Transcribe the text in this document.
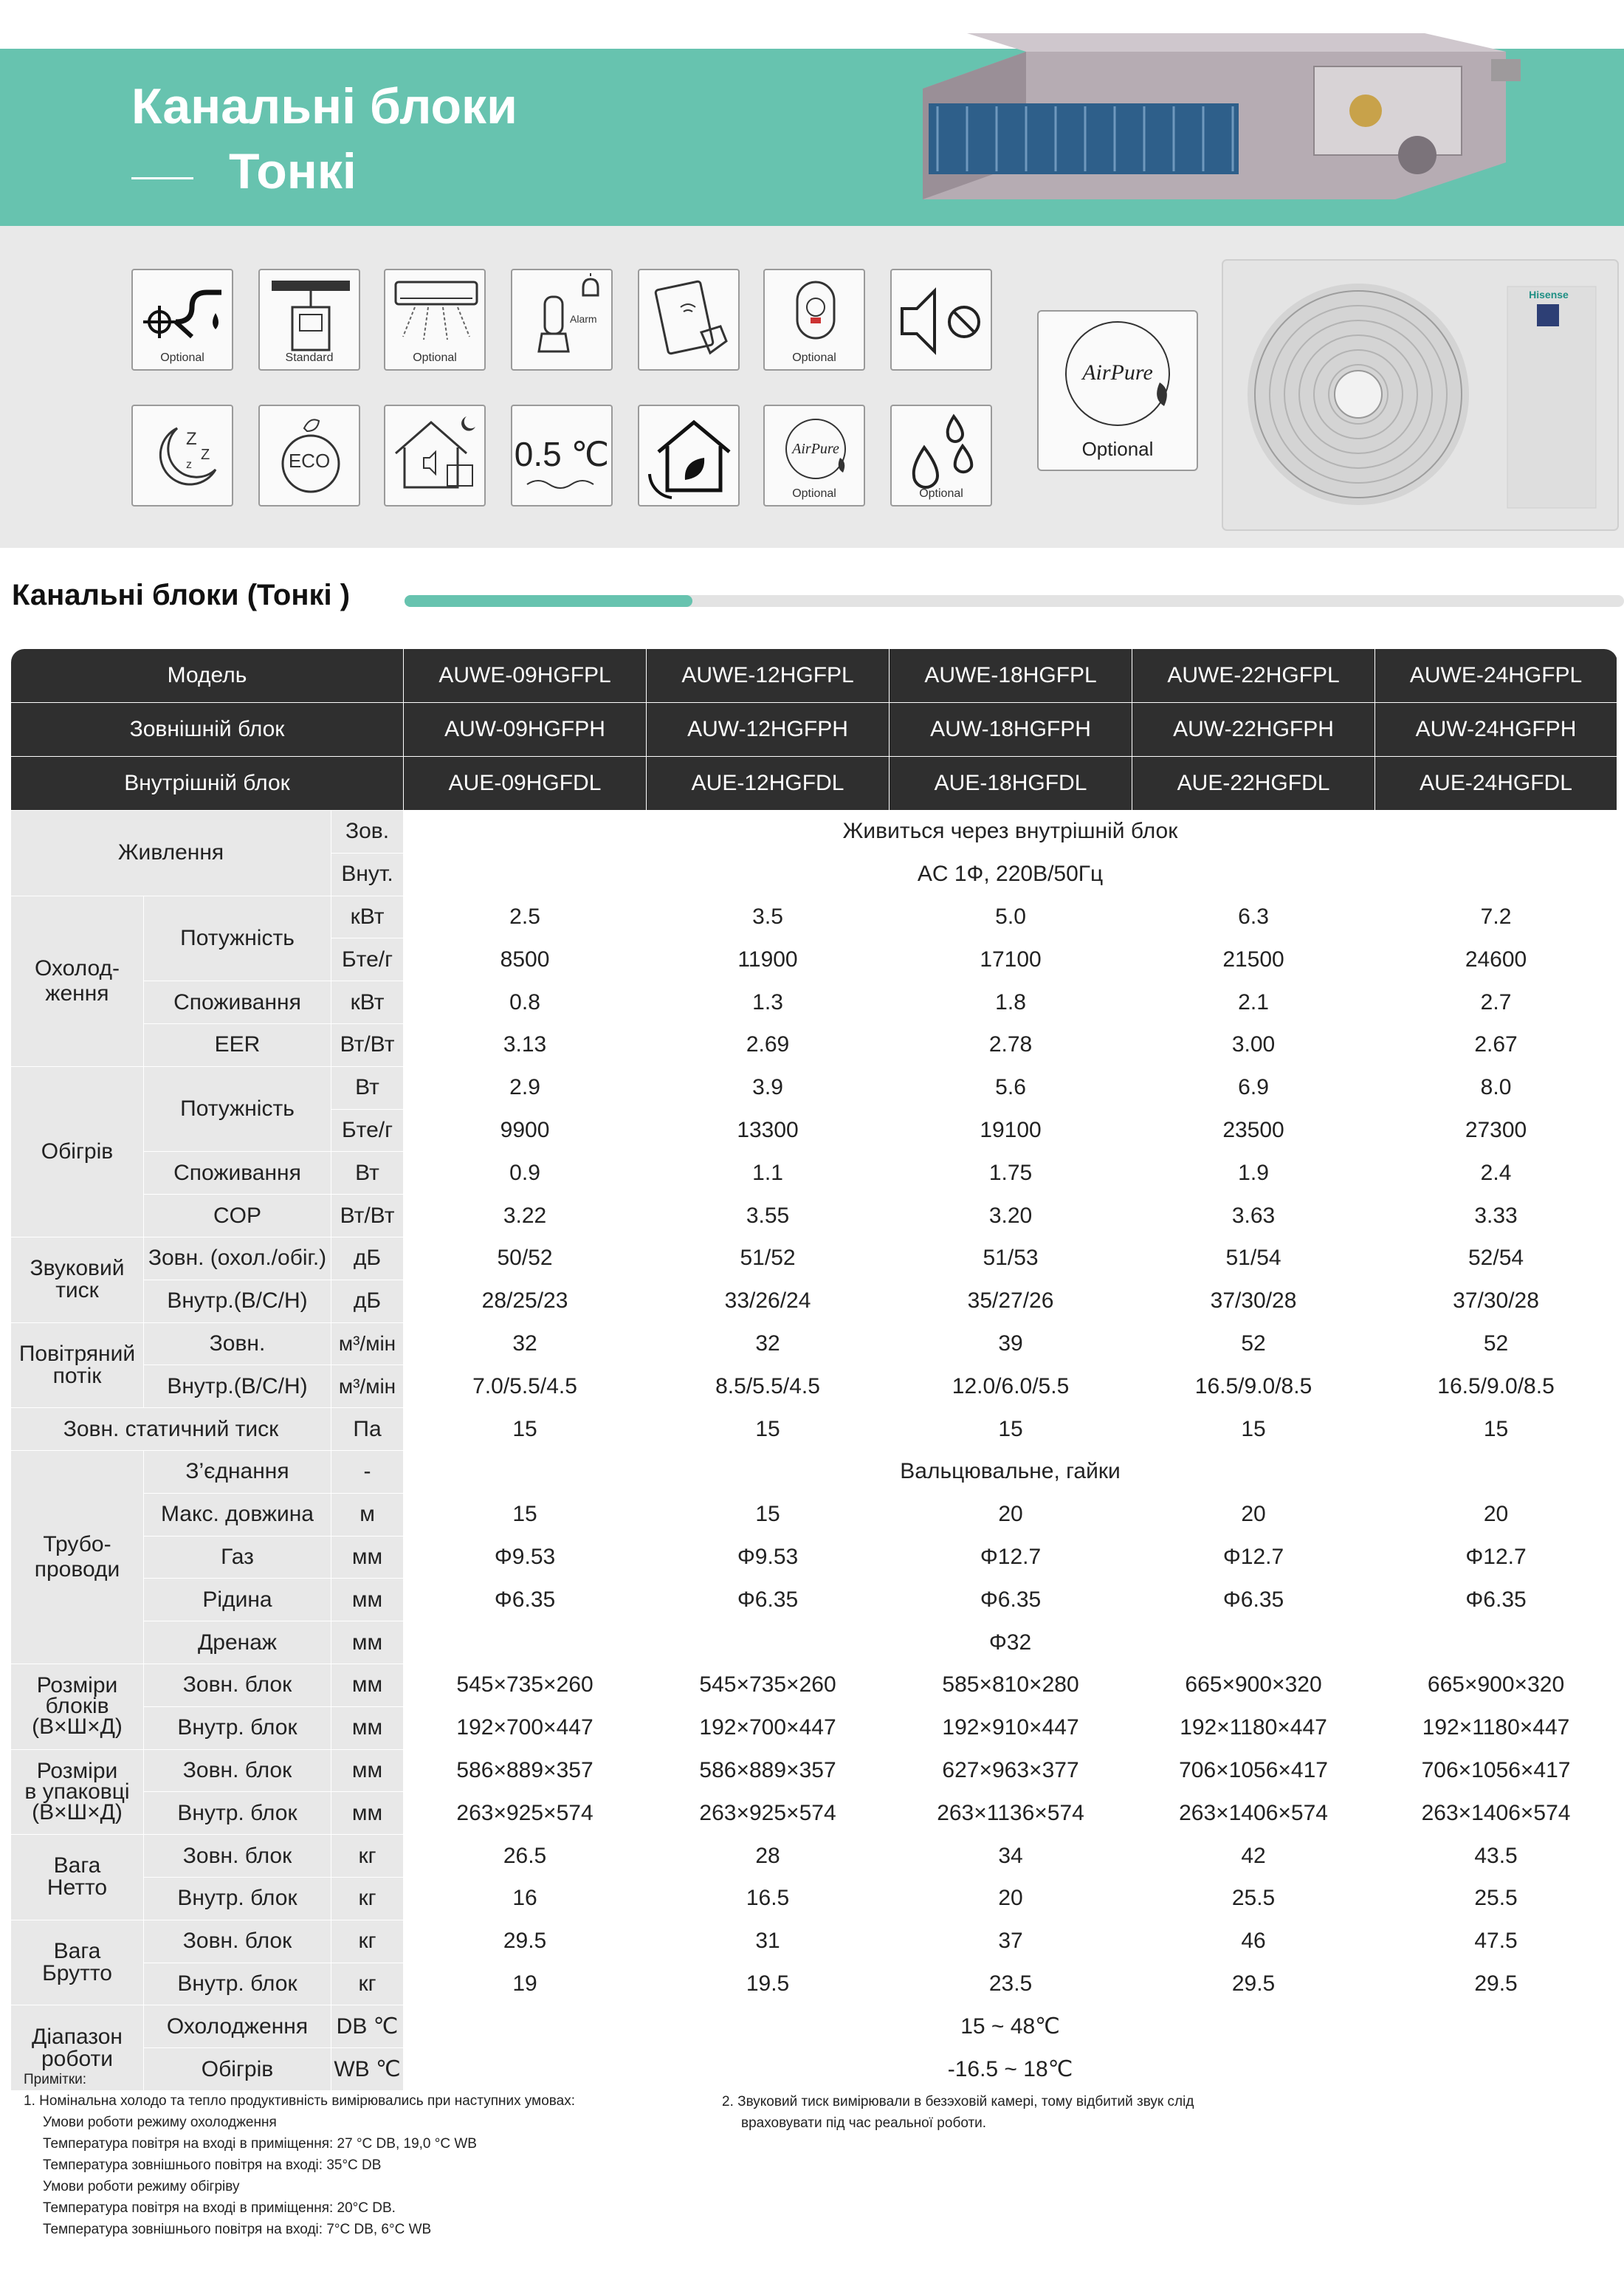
Канальні блоки
Тонкі
Optional	Standard	Optional
Alarm
Optional
Z
Z
z	ECO	0.5 ℃	AirPure
Optional	Optional
AirPure
Optional
Hisense
Канальні блоки (Тонкі )
Модель			AUWE-09HGFPL	AUWE-12HGFPL	AUWE-18HGFPL	AUWE-22HGFPL	AUWE-24HGFPL
Зовнішній блок			AUW-09HGFPH	AUW-12HGFPH	AUW-18HGFPH	AUW-22HGFPH	AUW-24HGFPH
Внутрішній блок			AUE-09HGFDL	AUE-12HGFDL	AUE-18HGFDL	AUE-22HGFDL	AUE-24HGFDL
Живлення		Зов.	Живиться через внутрішній блок				
		Внут.	AC 1Ф, 220В/50Гц				
Охолод-
ження	Потужність	кВт	2.5	3.5	5.0	6.3	7.2
		Бте/г	8500	11900	17100	21500	24600
	Споживання	кВт	0.8	1.3	1.8	2.1	2.7
	EER	Вт/Вт	3.13	2.69	2.78	3.00	2.67
Обігрів	Потужність	Вт	2.9	3.9	5.6	6.9	8.0
		Бте/г	9900	13300	19100	23500	27300
	Споживання	Вт	0.9	1.1	1.75	1.9	2.4
	COP	Вт/Вт	3.22	3.55	3.20	3.63	3.33
Звуковий
тиск	Зовн. (охол./обіг.)	дБ	50/52	51/52	51/53	51/54	52/54
	Внутр.(В/С/Н)	дБ	28/25/23	33/26/24	35/27/26	37/30/28	37/30/28
Повітряний
потік	Зовн.	м³/мін	32	32	39	52	52
	Внутр.(В/С/Н)	м³/мін	7.0/5.5/4.5	8.5/5.5/4.5	12.0/6.0/5.5	16.5/9.0/8.5	16.5/9.0/8.5
Зовн. статичний тиск		Па	15	15	15	15	15
Трубо-
проводи	З’єднання	-	Вальцювальне, гайки				
	Макс. довжина	м	15	15	20	20	20
	Газ	мм	Φ9.53	Φ9.53	Φ12.7	Φ12.7	Φ12.7
	Рідина	мм	Φ6.35	Φ6.35	Φ6.35	Φ6.35	Φ6.35
	Дренаж	мм	Φ32				
Розміри
блоків
(В×Ш×Д)	Зовн. блок	мм	545×735×260	545×735×260	585×810×280	665×900×320	665×900×320
	Внутр. блок	мм	192×700×447	192×700×447	192×910×447	192×1180×447	192×1180×447
Розміри
в упаковці
(В×Ш×Д)	Зовн. блок	мм	586×889×357	586×889×357	627×963×377	706×1056×417	706×1056×417
	Внутр. блок	мм	263×925×574	263×925×574	263×1136×574	263×1406×574	263×1406×574
Вага
Нетто	Зовн. блок	кг	26.5	28	34	42	43.5
	Внутр. блок	кг	16	16.5	20	25.5	25.5
Вага
Брутто	Зовн. блок	кг	29.5	31	37	46	47.5
	Внутр. блок	кг	19	19.5	23.5	29.5	29.5
Діапазон
роботи	Охолодження	DB ℃	15 ~ 48℃				
	Обігрів	WB ℃	-16.5 ~ 18℃				
Примітки:
1. Номінальна холодо та тепло продуктивність вимірювались при наступних умовах:
Умови роботи режиму охолодження
Температура повітря на вході в приміщення: 27 °C DB, 19,0 °C WB
Температура зовнішнього повітря на вході: 35°C DB
Умови роботи режиму обігріву
Температура повітря на вході в приміщення: 20°C DB.
Температура зовнішнього повітря на вході: 7°C DB, 6°C WB
2. Звуковий тиск вимірювали в безэховій камері, тому відбитий звук слід
враховувати під час реальної роботи.
